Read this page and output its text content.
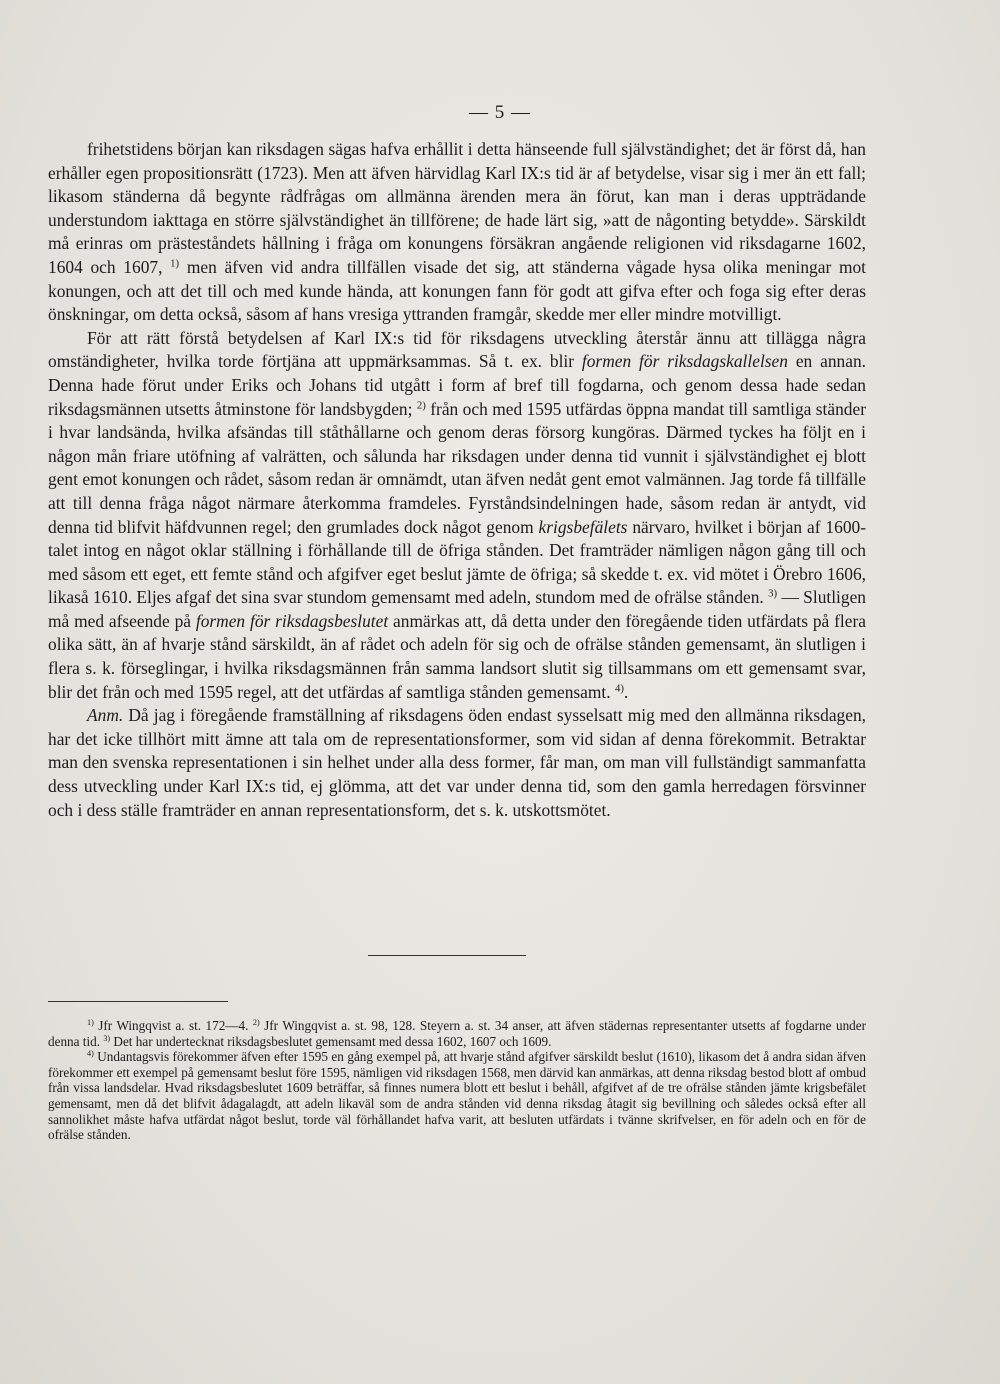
— 5 —

frihetstidens början kan riksdagen sägas hafva erhållit i detta hänseende full självständighet; det är först då, han erhåller egen propositionsrätt (1723). Men att äfven härvidlag Karl IX:s tid är af betydelse, visar sig i mer än ett fall; likasom ständerna då begynte rådfrågas om allmänna ärenden mera än förut, kan man i deras uppträdande understundom iakttaga en större självständighet än tillförene; de hade lärt sig, »att de någonting betydde». Särskildt må erinras om prästeståndets hållning i fråga om konungens försäkran angående religionen vid riksdagarne 1602, 1604 och 1607, $^{1)}$ men äfven vid andra tillfällen visade det sig, att ständerna vågade hysa olika meningar mot konungen, och att det till och med kunde hända, att konungen fann för godt att gifva efter och foga sig efter deras önskningar, om detta också, såsom af hans vresiga yttranden framgår, skedde mer eller mindre motvilligt.

För att rätt förstå betydelsen af Karl IX:s tid för riksdagens utveckling återstår ännu att tillägga några omständigheter, hvilka torde förtjäna att uppmärksammas. Så t. ex. blir formen för riksdagskallelsen en annan. Denna hade förut under Eriks och Johans tid utgått i form af bref till fogdarna, och genom dessa hade sedan riksdagsmännen utsetts åtminstone för landsbygden; $^{2)}$ från och med 1595 utfärdas öppna mandat till samtliga ständer i hvar landsända, hvilka afsändas till ståthållarne och genom deras försorg kungöras. Därmed tyckes ha följt en i någon mån friare utöfning af valrätten, och sålunda har riksdagen under denna tid vunnit i självständighet ej blott gent emot konungen och rådet, såsom redan är omnämdt, utan äfven nedåt gent emot valmännen. Jag torde få tillfälle att till denna fråga något närmare återkomma framdeles. Fyrståndsindelningen hade, såsom redan är antydt, vid denna tid blifvit häfdvunnen regel; den grumlades dock något genom krigsbefälets närvaro, hvilket i början af 1600-talet intog en något oklar ställning i förhållande till de öfriga stånden. Det framträder nämligen någon gång till och med såsom ett eget, ett femte stånd och afgifver eget beslut jämte de öfriga; så skedde t. ex. vid mötet i Örebro 1606, likaså 1610. Eljes afgaf det sina svar stundom gemensamt med adeln, stundom med de ofrälse stånden. $^{3)}$ — Slutligen må med afseende på formen för riksdagsbeslutet anmärkas att, då detta under den föregående tiden utfärdats på flera olika sätt, än af hvarje stånd särskildt, än af rådet och adeln för sig och de ofrälse stånden gemensamt, än slutligen i flera s. k. förseglingar, i hvilka riksdagsmännen från samma landsort slutit sig tillsammans om ett gemensamt svar, blir det från och med 1595 regel, att det utfärdas af samtliga stånden gemensamt. $^{4)}$.

Anm. Då jag i föregående framställning af riksdagens öden endast sysselsatt mig med den allmänna riksdagen, har det icke tillhört mitt ämne att tala om de representationsformer, som vid sidan af denna förekommit. Betraktar man den svenska representationen i sin helhet under alla dess former, får man, om man vill fullständigt sammanfatta dess utveckling under Karl IX:s tid, ej glömma, att det var under denna tid, som den gamla herredagen försvinner och i dess ställe framträder en annan representationsform, det s. k. utskottsmötet.

$^{1)}$ Jfr Wingqvist a. st. 172—4. $^{2)}$ Jfr Wingqvist a. st. 98, 128. Steyern a. st. 34 anser, att äfven städernas representanter utsetts af fogdarne under denna tid. $^{3)}$ Det har undertecknat riksdagsbeslutet gemensamt med dessa 1602, 1607 och 1609.

$^{4)}$ Undantagsvis förekommer äfven efter 1595 en gång exempel på, att hvarje stånd afgifver särskildt beslut (1610), likasom det å andra sidan äfven förekommer ett exempel på gemensamt beslut före 1595, nämligen vid riksdagen 1568, men därvid kan anmärkas, att denna riksdag bestod blott af ombud från vissa landsdelar. Hvad riksdagsbeslutet 1609 beträffar, så finnes numera blott ett beslut i behåll, afgifvet af de tre ofrälse stånden jämte krigsbefälet gemensamt, men då det blifvit ådagalagdt, att adeln likaväl som de andra stånden vid denna riksdag åtagit sig bevillning och således också efter all sannolikhet måste hafva utfärdat något beslut, torde väl förhållandet hafva varit, att besluten utfärdats i tvänne skrifvelser, en för adeln och en för de ofrälse stånden.
